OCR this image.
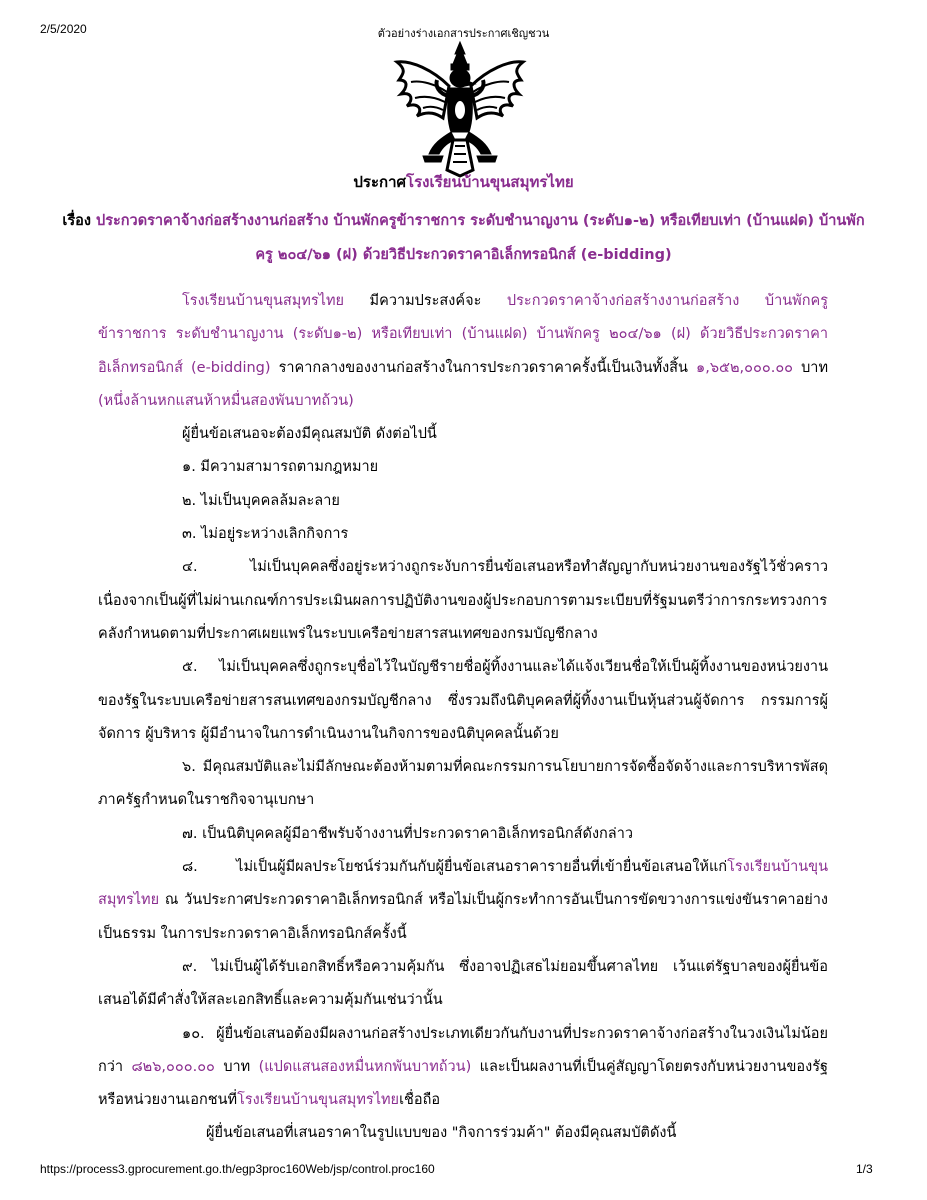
2/5/2020	ตัวอย่างร่างเอกสารประกาศเชิญชวน
ประกาศโรงเรียนบ้านขุนสมุทรไทย
เรื่อง ประกวดราคาจ้างก่อสร้างงานก่อสร้าง บ้านพักครูข้าราชการ ระดับชำนาญงาน (ระดับ๑-๒) หรือเทียบเท่า (บ้านแฝด) บ้านพักครู ๒๐๔/๖๑ (ฝ) ด้วยวิธีประกวดราคาอิเล็กทรอนิกส์ (e-bidding)

โรงเรียนบ้านขุนสมุทรไทย มีความประสงค์จะ ประกวดราคาจ้างก่อสร้างงานก่อสร้าง บ้านพักครูข้าราชการ ระดับชำนาญงาน (ระดับ๑-๒) หรือเทียบเท่า (บ้านแฝด) บ้านพักครู ๒๐๔/๖๑ (ฝ) ด้วยวิธีประกวดราคาอิเล็กทรอนิกส์ (e-bidding) ราคากลางของงานก่อสร้างในการประกวดราคาครั้งนี้เป็นเงินทั้งสิ้น ๑,๖๕๒,๐๐๐.๐๐ บาท (หนึ่งล้านหกแสนห้าหมื่นสองพันบาทถ้วน)

ผู้ยื่นข้อเสนอจะต้องมีคุณสมบัติ ดังต่อไปนี้

๑. มีความสามารถตามกฎหมาย

๒. ไม่เป็นบุคคลล้มละลาย

๓. ไม่อยู่ระหว่างเลิกกิจการ

๔. ไม่เป็นบุคคลซึ่งอยู่ระหว่างถูกระงับการยื่นข้อเสนอหรือทำสัญญากับหน่วยงานของรัฐไว้ชั่วคราว เนื่องจากเป็นผู้ที่ไม่ผ่านเกณฑ์การประเมินผลการปฏิบัติงานของผู้ประกอบการตามระเบียบที่รัฐมนตรีว่าการกระทรวงการคลังกำหนดตามที่ประกาศเผยแพร่ในระบบเครือข่ายสารสนเทศของกรมบัญชีกลาง

๕. ไม่เป็นบุคคลซึ่งถูกระบุชื่อไว้ในบัญชีรายชื่อผู้ทิ้งงานและได้แจ้งเวียนชื่อให้เป็นผู้ทิ้งงานของหน่วยงานของรัฐในระบบเครือข่ายสารสนเทศของกรมบัญชีกลาง ซึ่งรวมถึงนิติบุคคลที่ผู้ทิ้งงานเป็นหุ้นส่วนผู้จัดการ กรรมการผู้จัดการ ผู้บริหาร ผู้มีอำนาจในการดำเนินงานในกิจการของนิติบุคคลนั้นด้วย

๖. มีคุณสมบัติและไม่มีลักษณะต้องห้ามตามที่คณะกรรมการนโยบายการจัดซื้อจัดจ้างและการบริหารพัสดุภาครัฐกำหนดในราชกิจจานุเบกษา

๗. เป็นนิติบุคคลผู้มีอาชีพรับจ้างงานที่ประกวดราคาอิเล็กทรอนิกส์ดังกล่าว

๘. ไม่เป็นผู้มีผลประโยชน์ร่วมกันกับผู้ยื่นข้อเสนอราคารายอื่นที่เข้ายื่นข้อเสนอให้แก่โรงเรียนบ้านขุนสมุทรไทย ณ วันประกาศประกวดราคาอิเล็กทรอนิกส์ หรือไม่เป็นผู้กระทำการอันเป็นการขัดขวางการแข่งขันราคาอย่างเป็นธรรม ในการประกวดราคาอิเล็กทรอนิกส์ครั้งนี้

๙. ไม่เป็นผู้ได้รับเอกสิทธิ์หรือความคุ้มกัน ซึ่งอาจปฏิเสธไม่ยอมขึ้นศาลไทย เว้นแต่รัฐบาลของผู้ยื่นข้อเสนอได้มีคำสั่งให้สละเอกสิทธิ์และความคุ้มกันเช่นว่านั้น

๑๐. ผู้ยื่นข้อเสนอต้องมีผลงานก่อสร้างประเภทเดียวกันกับงานที่ประกวดราคาจ้างก่อสร้างในวงเงินไม่น้อยกว่า ๘๒๖,๐๐๐.๐๐ บาท (แปดแสนสองหมื่นหกพันบาทถ้วน) และเป็นผลงานที่เป็นคู่สัญญาโดยตรงกับหน่วยงานของรัฐ หรือหน่วยงานเอกชนที่โรงเรียนบ้านขุนสมุทรไทยเชื่อถือ

ผู้ยื่นข้อเสนอที่เสนอราคาในรูปแบบของ "กิจการร่วมค้า" ต้องมีคุณสมบัติดังนี้

https://process3.gprocurement.go.th/egp3proc160Web/jsp/control.proc160	1/3
